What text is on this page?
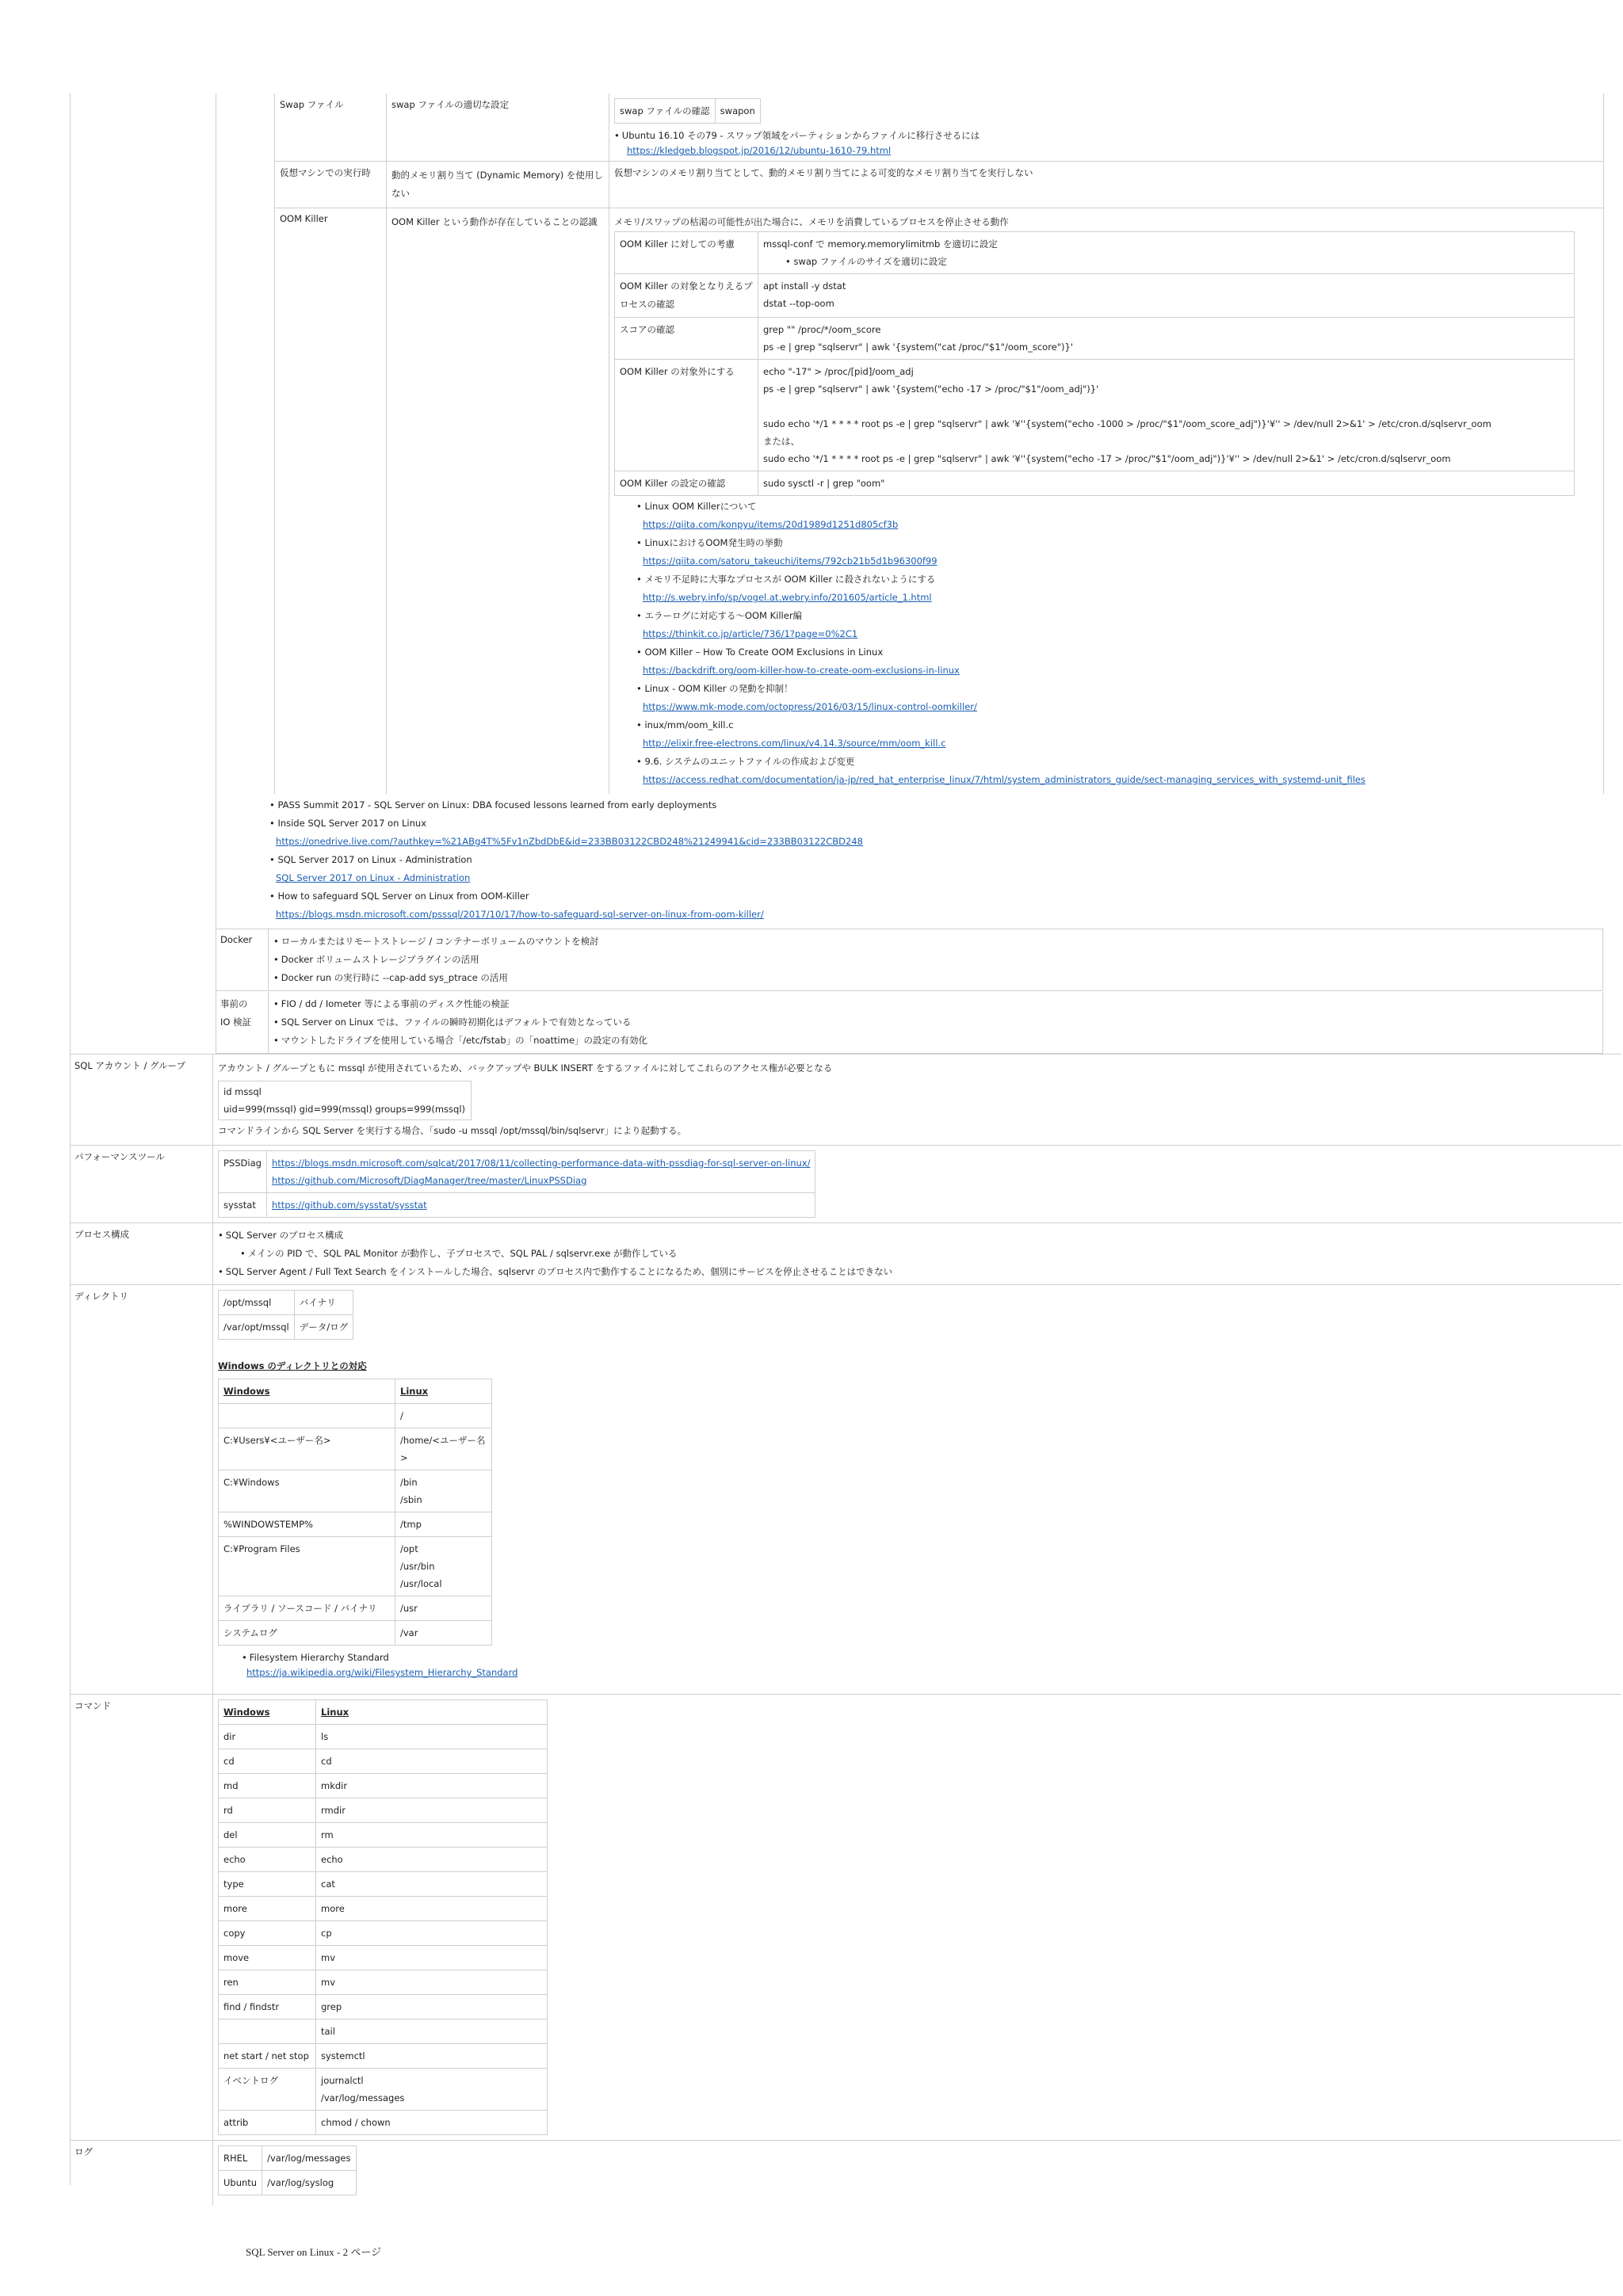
Swap ファイル	swap ファイルの適切な設定
swap ファイルの確認	swapon
• Ubuntu 16.10 その79 - スワップ領域をパーティションからファイルに移行させるには
https://kledgeb.blogspot.jp/2016/12/ubuntu-1610-79.html
仮想マシンでの実行時	動的メモリ割り当て (Dynamic Memory) を使用しない
仮想マシンのメモリ割り当てとして、動的メモリ割り当てによる可変的なメモリ割り当てを実行しない
OOM Killer	OOM Killer という動作が存在していることの認識	メモリ/スワップの枯渇の可能性が出た場合に、メモリを消費しているプロセスを停止させる動作
OOM Killer に対しての考慮	mssql-conf で memory.memorylimitmb を適切に設定
• swap ファイルのサイズを適切に設定

OOM Killer の対象となりえるプロセスの確認	apt install -y dstat
dstat --top-oom

スコアの確認	grep "" /proc/*/oom_score
ps -e | grep "sqlservr" | awk '{system("cat /proc/"$1"/oom_score")}'

OOM Killer の対象外にする	echo "-17" > /proc/[pid]/oom_adj
ps -e | grep "sqlservr" | awk '{system("echo -17 > /proc/"$1"/oom_adj")}'
sudo echo '*/1 * * * * root ps -e | grep "sqlservr" | awk '¥''{system("echo -1000 > /proc/"$1"/oom_score_adj")}'¥'' > /dev/null 2>&1' > /etc/cron.d/sqlservr_oom
または、
sudo echo '*/1 * * * * root ps -e | grep "sqlservr" | awk '¥''{system("echo -17 > /proc/"$1"/oom_adj")}'¥'' > /dev/null 2>&1' > /etc/cron.d/sqlservr_oom

OOM Killer の設定の確認	sudo sysctl -r | grep "oom"
• Linux OOM Killerについて
https://qiita.com/konpyu/items/20d1989d1251d805cf3b
• LinuxにおけるOOM発生時の挙動
https://qiita.com/satoru_takeuchi/items/792cb21b5d1b96300f99
• メモリ不足時に大事なプロセスが OOM Killer に殺されないようにする
http://s.webry.info/sp/vogel.at.webry.info/201605/article_1.html
• エラーログに対応する～OOM Killer編
https://thinkit.co.jp/article/736/1?page=0%2C1
• OOM Killer – How To Create OOM Exclusions in Linux
https://backdrift.org/oom-killer-how-to-create-oom-exclusions-in-linux
• Linux - OOM Killer の発動を抑制！
https://www.mk-mode.com/octopress/2016/03/15/linux-control-oomkiller/
• inux/mm/oom_kill.c
http://elixir.free-electrons.com/linux/v4.14.3/source/mm/oom_kill.c
• 9.6. システムのユニットファイルの作成および変更
https://access.redhat.com/documentation/ja-jp/red_hat_enterprise_linux/7/html/system_administrators_guide/sect-managing_services_with_systemd-unit_files
• PASS Summit 2017 - SQL Server on Linux: DBA focused lessons learned from early deployments
• Inside SQL Server 2017 on Linux
https://onedrive.live.com/?authkey=%21ABg4T%5Fv1nZbdDbE&id=233BB03122CBD248%21249941&cid=233BB03122CBD248
• SQL Server 2017 on Linux - Administration
SQL Server 2017 on Linux - Administration
• How to safeguard SQL Server on Linux from OOM-Killer
https://blogs.msdn.microsoft.com/psssql/2017/10/17/how-to-safeguard-sql-server-on-linux-from-oom-killer/
Docker	• ローカルまたはリモートストレージ / コンテナーボリュームのマウントを検討
• Docker ボリュームストレージプラグインの活用
• Docker run の実行時に --cap-add sys_ptrace の活用
事前の
IO 検証
• FIO / dd / Iometer 等による事前のディスク性能の検証
• SQL Server on Linux では、ファイルの瞬時初期化はデフォルトで有効となっている
• マウントしたドライブを使用している場合「/etc/fstab」の「noattime」の設定の有効化
SQL アカウント / グループ	アカウント / グループともに mssql が使用されているため、バックアップや BULK INSERT をするファイルに対してこれらのアクセス権が必要となる
id mssql
uid=999(mssql) gid=999(mssql) groups=999(mssql)
コマンドラインから SQL Server を実行する場合、「sudo -u mssql /opt/mssql/bin/sqlservr」により起動する。
パフォーマンスツール
PSSDiag	https://blogs.msdn.microsoft.com/sqlcat/2017/08/11/collecting-performance-data-with-pssdiag-for-sql-server-on-linux/
https://github.com/Microsoft/DiagManager/tree/master/LinuxPSSDiag

sysstat	https://github.com/sysstat/sysstat
プロセス構成	• SQL Server のプロセス構成
• メインの PID で、SQL PAL Monitor が動作し、子プロセスで、SQL PAL / sqlservr.exe が動作している
• SQL Server Agent / Full Text Search をインストールした場合、sqlservr のプロセス内で動作することになるため、個別にサービスを停止させることはできない
ディレクトリ
/opt/mssql	バイナリ
/var/opt/mssql	データ/ログ
Windows のディレクトリとの対応
Windows	Linux

	/

C:¥Users¥<ユーザー名>	/home/<ユーザー名>

C:¥Windows	/bin
/sbin

%WINDOWSTEMP%	/tmp

C:¥Program Files	/opt
/usr/bin
/usr/local

ライブラリ / ソースコード / バイナリ	/usr

システムログ	/var
• Filesystem Hierarchy Standard
https://ja.wikipedia.org/wiki/Filesystem_Hierarchy_Standard
コマンド
Windows	Linux

dir	ls

cd	cd

md	mkdir

rd	rmdir

del	rm

echo	echo

type	cat

more	more

copy	cp

move	mv

ren	mv

find / findstr	grep

	tail

net start / net stop	systemctl

イベントログ	journalctl
/var/log/messages

attrib	chmod / chown
ログ
RHEL	/var/log/messages
Ubuntu	/var/log/syslog
SQL Server on Linux - 2 ページ
